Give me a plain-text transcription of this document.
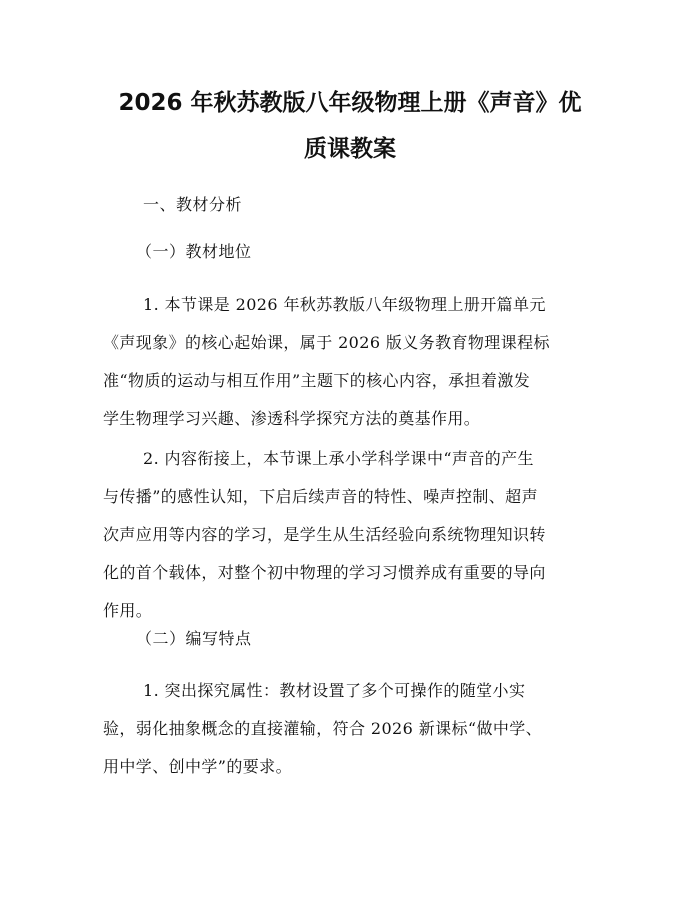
2026 年秋苏教版八年级物理上册《声音》优
质课教案

一、教材分析

（一）教材地位

1. 本节课是 2026 年秋苏教版八年级物理上册开篇单元
《声现象》的核心起始课，属于 2026 版义务教育物理课程标
准“物质的运动与相互作用”主题下的核心内容，承担着激发
学生物理学习兴趣、渗透科学探究方法的奠基作用。

2. 内容衔接上，本节课上承小学科学课中“声音的产生
与传播”的感性认知，下启后续声音的特性、噪声控制、超声
次声应用等内容的学习，是学生从生活经验向系统物理知识转
化的首个载体，对整个初中物理的学习习惯养成有重要的导向
作用。

（二）编写特点

1. 突出探究属性：教材设置了多个可操作的随堂小实
验，弱化抽象概念的直接灌输，符合 2026 新课标“做中学、
用中学、创中学”的要求。
